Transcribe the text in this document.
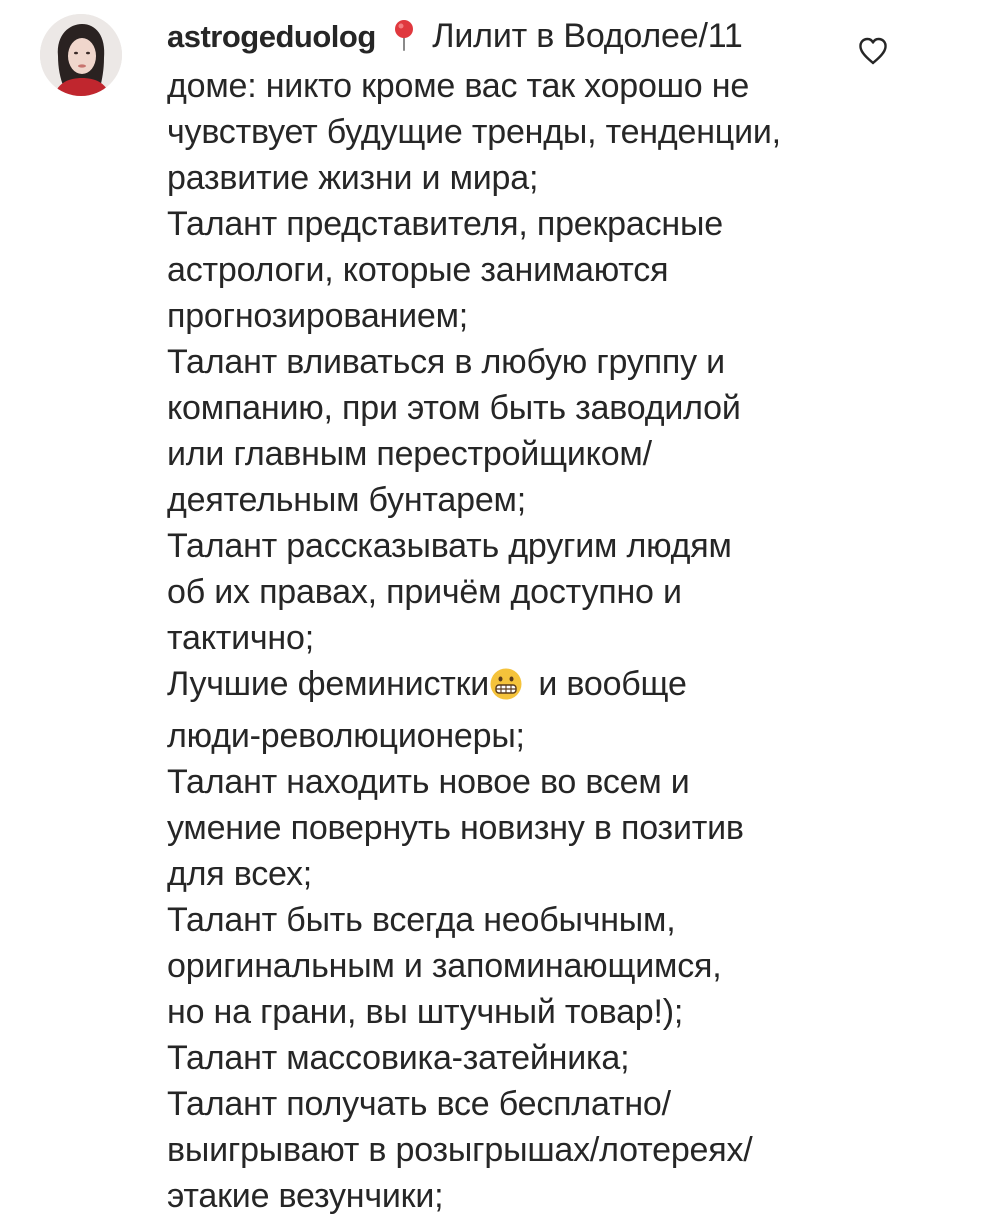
astrogeduolog Лилит в Водолее/11
доме: никто кроме вас так хорошо не
чувствует будущие тренды, тенденции,
развитие жизни и мира;
Талант представителя, прекрасные
астрологи, которые занимаются
прогнозированием;
Талант вливаться в любую группу и
компанию, при этом быть заводилой
или главным перестройщиком/
деятельным бунтарем;
Талант рассказывать другим людям
об их правах, причём доступно и
тактично;
Лучшие феминистки и вообще
люди-революционеры;
Талант находить новое во всем и
умение повернуть новизну в позитив
для всех;
Талант быть всегда необычным,
оригинальным и запоминающимся,
но на грани, вы штучный товар!);
Талант массовика-затейника;
Талант получать все бесплатно/
выигрывают в розыгрышах/лотереях/
этакие везунчики;
